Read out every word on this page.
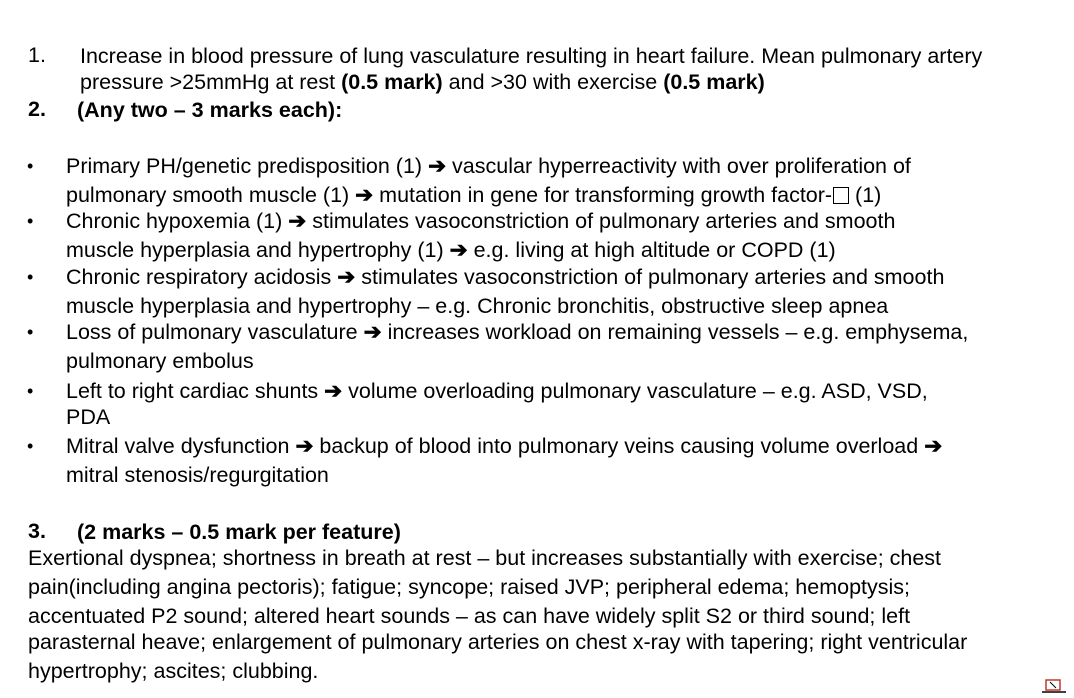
1. Increase in blood pressure of lung vasculature resulting in heart failure. Mean pulmonary artery
pressure >25mmHg at rest (0.5 mark) and >30 with exercise (0.5 mark)
2. (Any two – 3 marks each):
• Primary PH/genetic predisposition (1) ➔ vascular hyperreactivity with over proliferation of
pulmonary smooth muscle (1) ➔ mutation in gene for transforming growth factor- (1)
• Chronic hypoxemia (1) ➔ stimulates vasoconstriction of pulmonary arteries and smooth
muscle hyperplasia and hypertrophy (1) ➔ e.g. living at high altitude or COPD (1)
• Chronic respiratory acidosis ➔ stimulates vasoconstriction of pulmonary arteries and smooth
muscle hyperplasia and hypertrophy – e.g. Chronic bronchitis, obstructive sleep apnea
• Loss of pulmonary vasculature ➔ increases workload on remaining vessels – e.g. emphysema,
pulmonary embolus
• Left to right cardiac shunts ➔ volume overloading pulmonary vasculature – e.g. ASD, VSD,
PDA
• Mitral valve dysfunction ➔ backup of blood into pulmonary veins causing volume overload ➔
mitral stenosis/regurgitation
3. (2 marks – 0.5 mark per feature)
Exertional dyspnea; shortness in breath at rest – but increases substantially with exercise; chest
pain(including angina pectoris); fatigue; syncope; raised JVP; peripheral edema; hemoptysis;
accentuated P2 sound; altered heart sounds – as can have widely split S2 or third sound; left
parasternal heave; enlargement of pulmonary arteries on chest x-ray with tapering; right ventricular
hypertrophy; ascites; clubbing.
